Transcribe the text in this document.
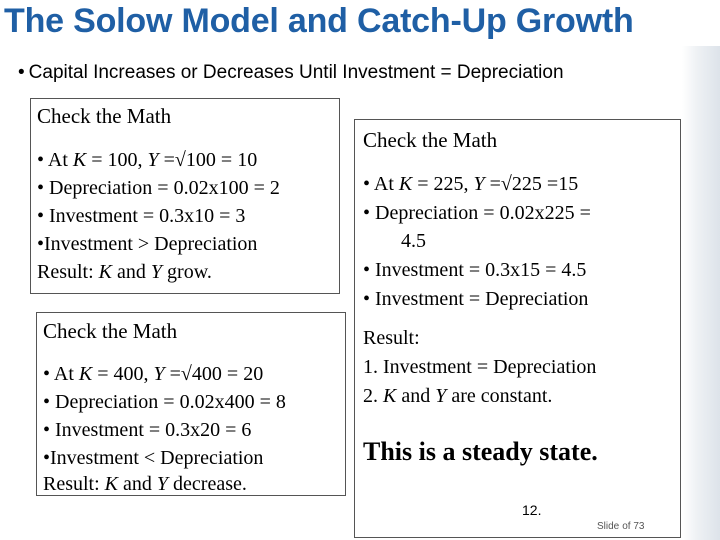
The Solow Model and Catch-Up Growth
• Capital Increases or Decreases Until Investment = Depreciation
Check the Math
• At K = 100, Y =√100 = 10
• Depreciation = 0.02x100 = 2
• Investment = 0.3x10 = 3
•Investment > Depreciation
Result: K and Y grow.
Check the Math
• At K = 400, Y =√400 = 20
• Depreciation = 0.02x400 = 8
• Investment = 0.3x20 = 6
•Investment < Depreciation
Result: K and Y decrease.
Check the Math
• At K = 225, Y =√225 =15
• Depreciation = 0.02x225 =
4.5
• Investment = 0.3x15 = 4.5
• Investment = Depreciation
Result:
1. Investment = Depreciation
2. K and Y are constant.
This is a steady state.
12.
Slide of 73
